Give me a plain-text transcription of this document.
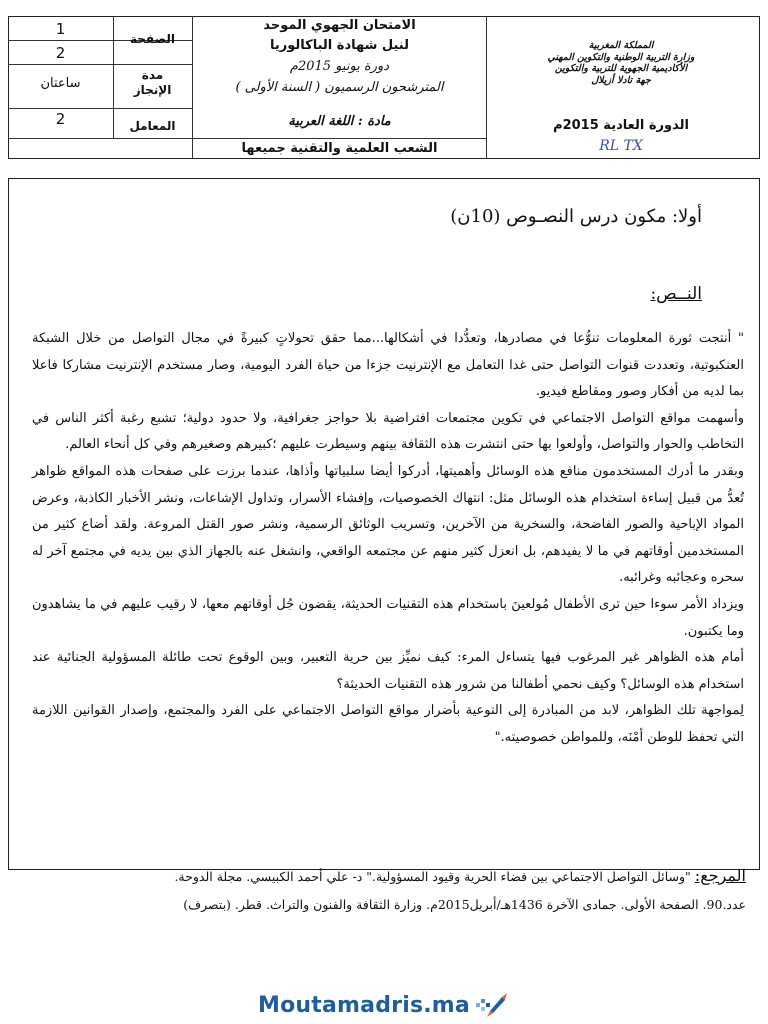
1
2
الصفحة
ساعتان
مدة
الإنجاز
2	المعامل
الامتحان الجهوي الموحد
لنيل شهادة الباكالوريا
دورة يونيو 2015م
المترشحون الرسميون ( السنة الأولى )
مادة : اللغة العربية
الشعب العلمية والتقنية جميعها
المملكة المغربية
وزارة التربية الوطنية والتكوين المهني
الأكاديمية الجهوية للتربية والتكوين
جهة تادلا أزيلال
الدورة العادية 2015م
RL TX
أولا: مكون درس النصـوص (10ن)
النــص:
" أنتجت ثورة المعلومات تنوُّعا في مصادرها، وتعدُّدا في أشكالها...مما حقق تحولاتٍ كبيرةً في مجال التواصل من خلال الشبكة العنكبوتية، وتعددت قنوات التواصل حتى غدا التعامل مع الإنترنيت جزءا من حياة الفرد اليومية، وصار مستخدم الإنترنيت مشاركا فاعلا بما لديه من أفكار وصور ومقاطع فيديو.
وأسهمت مواقع التواصل الاجتماعي في تكوين مجتمعات افتراضية بلا حواجز جغرافية، ولا حدود دولية؛ تشبع رغبة أكثر الناس في التخاطب والحوار والتواصل، وأولعوا بها حتى انتشرت هذه الثقافة بينهم وسيطرت عليهم ؛كبيرهم وصغيرهم وفي كل أنحاء العالم.
وبقدر ما أدرك المستخدمون منافع هذه الوسائل وأهميتها، أدركوا أيضا سلبياتها وأذاها، عندما برزت على صفحات هذه المواقع ظواهر تُعدُّ من قبيل إساءة استخدام هذه الوسائل مثل: انتهاك الخصوصيات، وإفشاء الأسرار، وتداول الإشاعات، ونشر الأخبار الكاذبة، وعرض المواد الإباحية والصور الفاضحة، والسخرية من الآخرين، وتسريب الوثائق الرسمية، ونشر صور القتل المروعة. ولقد أضاع كثير من المستخدمين أوقاتهم في ما لا يفيدهم، بل انعزل كثير منهم عن مجتمعه الواقعي، وانشغل عنه بالجهاز الذي بين يديه في مجتمع آخر له سحره وعجائبه وغرائبه.
ويزداد الأمر سوءا حين ترى الأطفال مُولعينَ باستخدام هذه التقنيات الحديثة، يقضون جُل أوقاتهم معها، لا رقيب عليهم في ما يشاهدون وما يكتبون.
أمام هذه الظواهر غير المرغوب فيها يتساءل المرء: كيف نميِّز بين حرية التعبير، وبين الوقوع تحت طائلة المسؤولية الجنائية عند استخدام هذه الوسائل؟ وكيف نحمي أطفالنا من شرور هذه التقنيات الحديثة؟
لِمواجهة تلك الظواهر، لابد من المبادرة إلى التوعية بأضرار مواقع التواصل الاجتماعي على الفرد والمجتمع، وإصدار القوانين اللازمة التي تحفظ للوطن أمْنَه، وللمواطن خصوصيته."
المرجع: "وسائل التواصل الاجتماعي بين فضاء الحرية وقيود المسؤولية." د- علي أحمد الكبيسي. مجلة الدوحة.
عدد.90. الصفحة الأولى. جمادى الآخرة 1436هـ/أبريل2015م. وزارة الثقافة والفنون والتراث. قطر. (بتصرف)
Moutamadris.ma
